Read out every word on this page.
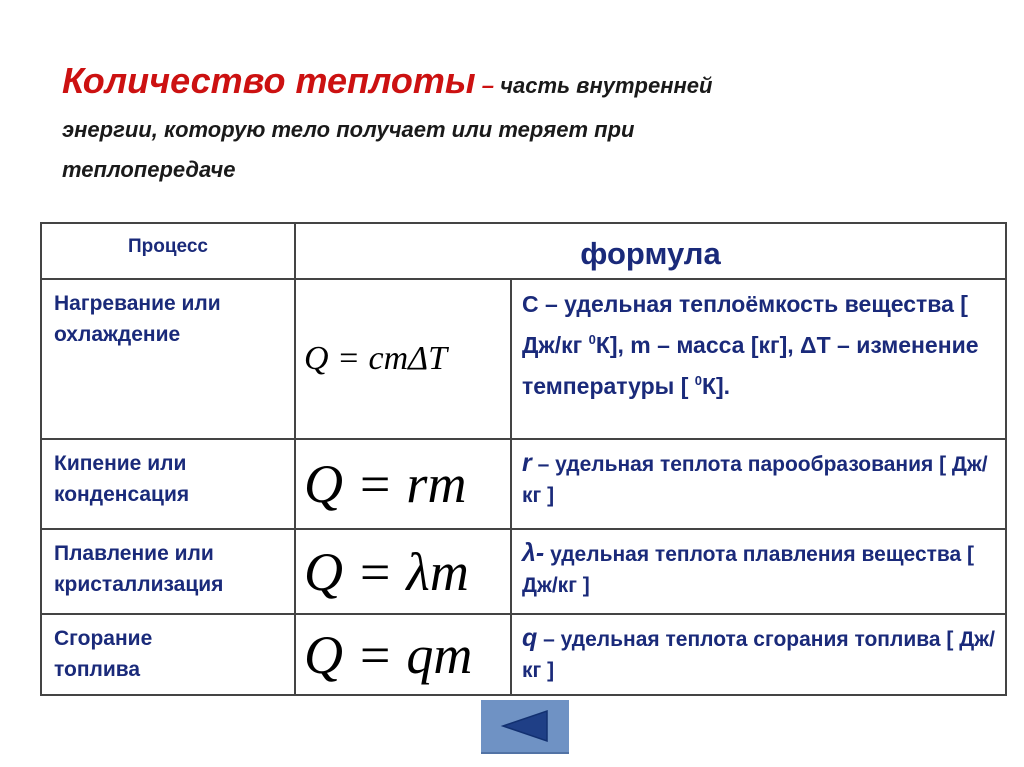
Количество теплоты – часть внутренней
энергии, которую тело получает или теряет при
теплопередаче
Процесс	формула	
Нагревание или
охлаждение	Q = cmΔT	С – удельная теплоёмкость вещества [ Дж/кг $^0$К], m – масса [кг], ΔТ – изменение температуры [ $^0$К].
Кипение или
конденсация	Q = rm	r – удельная теплота парообразования [ Дж/кг ]
Плавление или
кристаллизация	Q = λm	λ- удельная теплота плавления вещества [ Дж/кг ]
Сгорание
топлива	Q = qm	q – удельная теплота сгорания топлива [ Дж/кг ]
